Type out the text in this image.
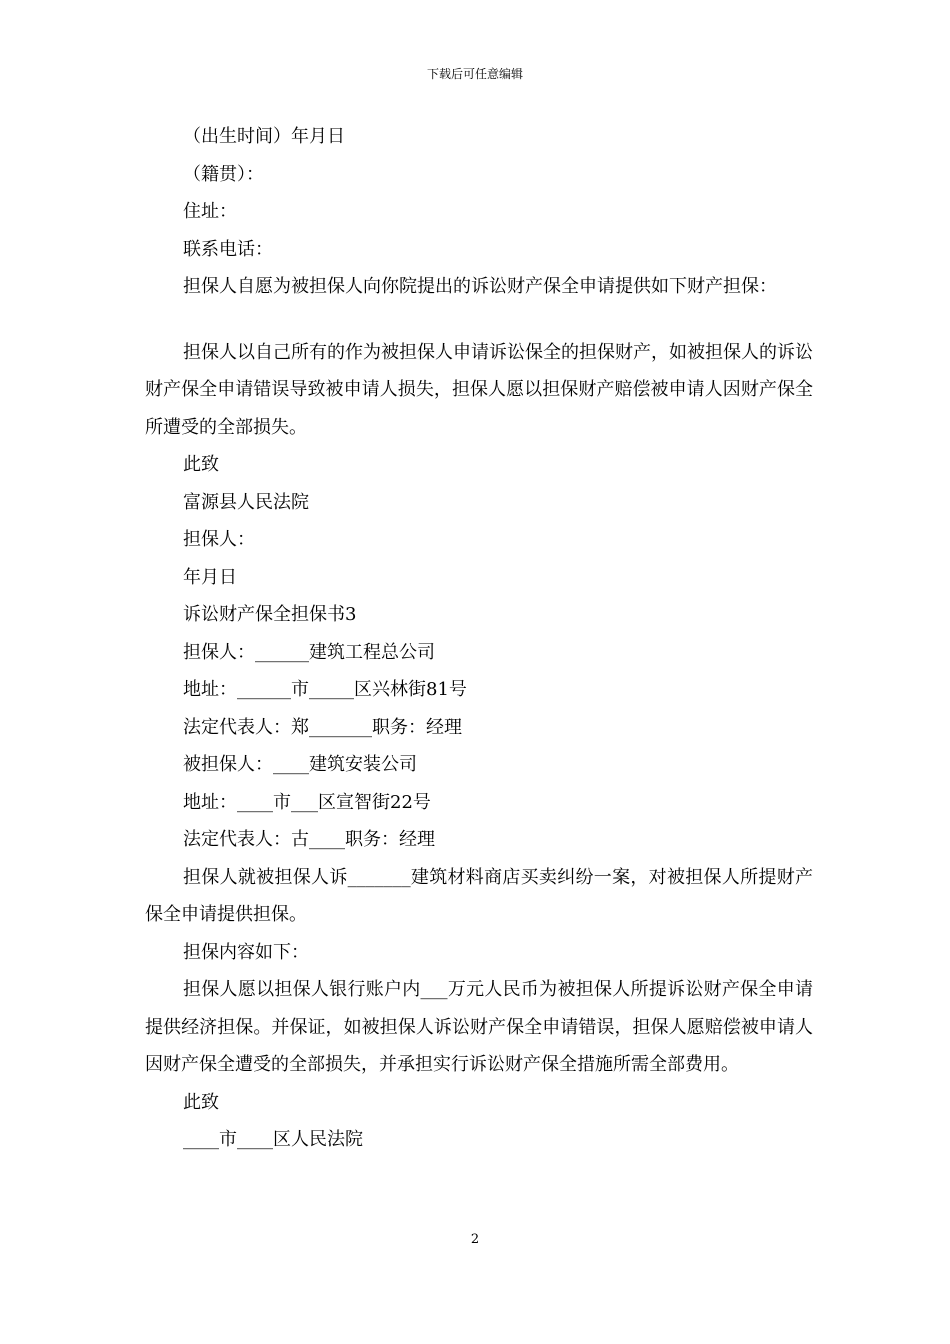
下载后可任意编辑
（出生时间）年月日
（籍贯）：
住址：
联系电话：
担保人自愿为被担保人向你院提出的诉讼财产保全申请提供如下财产担保：
担保人以自己所有的作为被担保人申请诉讼保全的担保财产，如被担保人的诉讼财产保全申请错误导致被申请人损失，担保人愿以担保财产赔偿被申请人因财产保全所遭受的全部损失。
此致
富源县人民法院
担保人：
年月日
诉讼财产保全担保书3
担保人：______建筑工程总公司
地址：______市_____区兴林街81号
法定代表人：郑_______职务：经理
被担保人：____建筑安装公司
地址：____市___区宣智街22号
法定代表人：古____职务：经理
担保人就被担保人诉_______建筑材料商店买卖纠纷一案，对被担保人所提财产保全申请提供担保。
担保内容如下：
担保人愿以担保人银行账户内___万元人民币为被担保人所提诉讼财产保全申请提供经济担保。并保证，如被担保人诉讼财产保全申请错误，担保人愿赔偿被申请人因财产保全遭受的全部损失，并承担实行诉讼财产保全措施所需全部费用。
此致
____市____区人民法院
2
